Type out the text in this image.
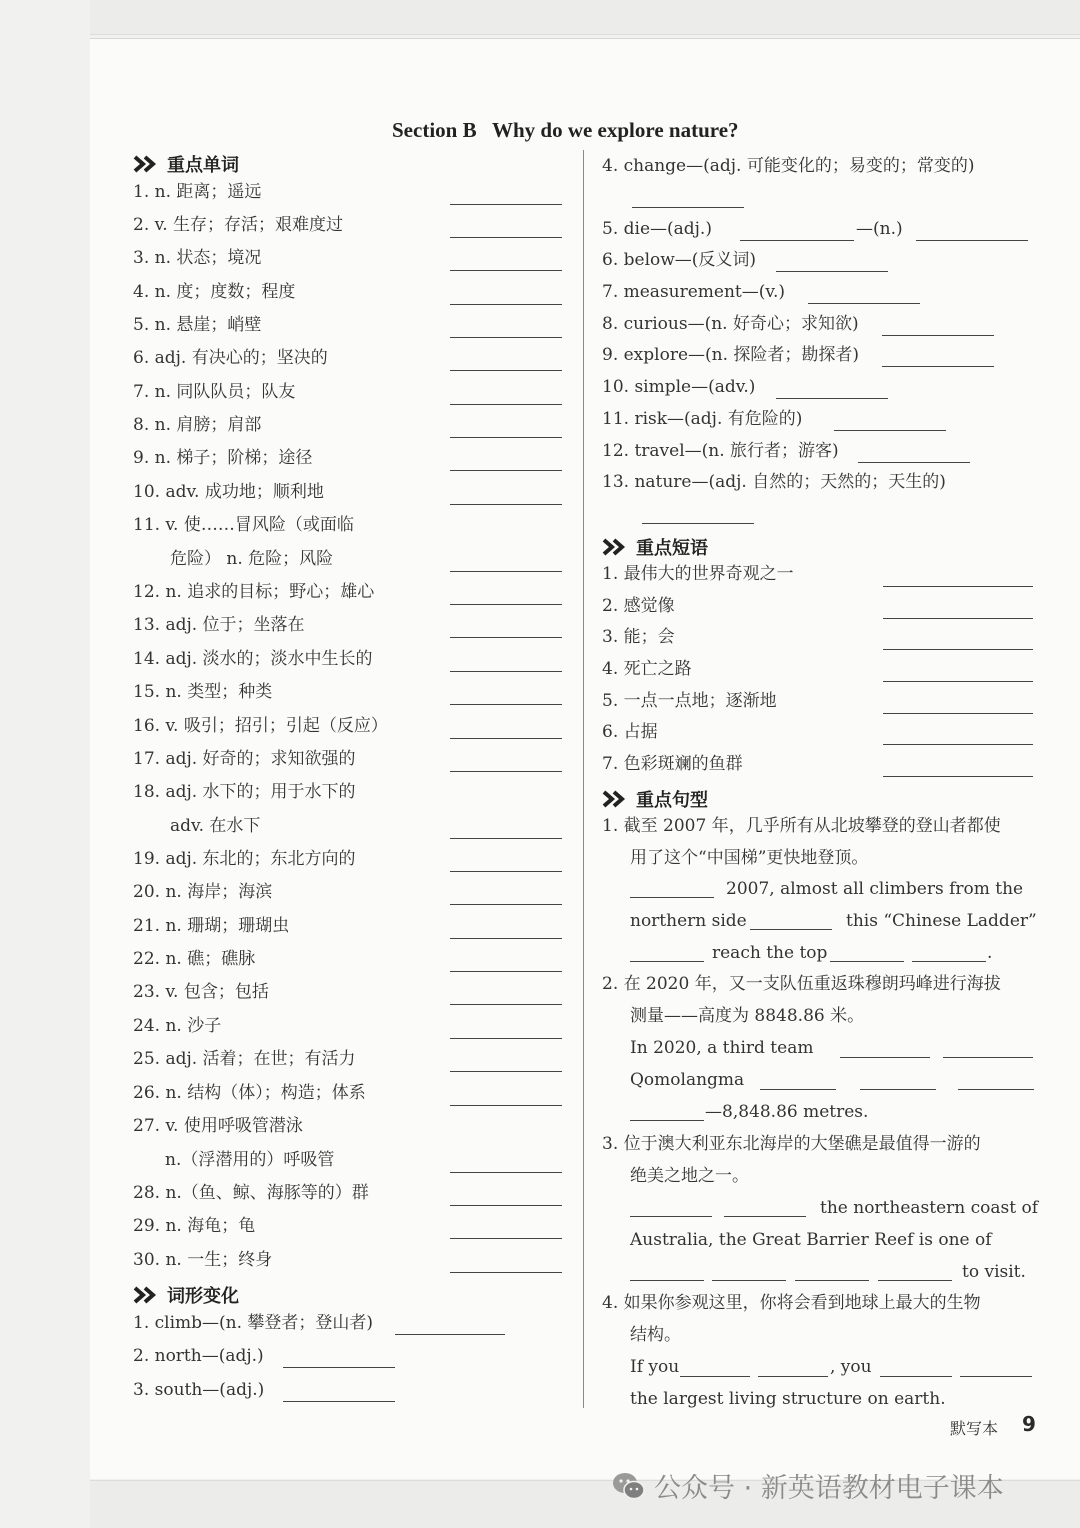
Section B   Why do we explore nature?
重点单词
1. n. 距离；遥远
2. v. 生存；存活；艰难度过
3. n. 状态；境况
4. n. 度；度数；程度
5. n. 悬崖；峭壁
6. adj. 有决心的；坚决的
7. n. 同队队员；队友
8. n. 肩膀；肩部
9. n. 梯子；阶梯；途径
10. adv. 成功地；顺利地
11. v. 使……冒风险（或面临
危险） n. 危险；风险
12. n. 追求的目标；野心；雄心
13. adj. 位于；坐落在
14. adj. 淡水的；淡水中生长的
15. n. 类型；种类
16. v. 吸引；招引；引起（反应）
17. adj. 好奇的；求知欲强的
18. adj. 水下的；用于水下的
adv. 在水下
19. adj. 东北的；东北方向的
20. n. 海岸；海滨
21. n. 珊瑚；珊瑚虫
22. n. 礁；礁脉
23. v. 包含；包括
24. n. 沙子
25. adj. 活着；在世；有活力
26. n. 结构（体）；构造；体系
27. v. 使用呼吸管潜泳
n.（浮潜用的）呼吸管
28. n.（鱼、鲸、海豚等的）群
29. n. 海龟；龟
30. n. 一生；终身
词形变化
1. climb—(n. 攀登者；登山者)
2. north—(adj.)
3. south—(adj.)
4. change—(adj. 可能变化的；易变的；常变的)
5. die—(adj.)	—(n.)
6. below—(反义词)
7. measurement—(v.)
8. curious—(n. 好奇心；求知欲)
9. explore—(n. 探险者；勘探者)
10. simple—(adv.)
11. risk—(adj. 有危险的)
12. travel—(n. 旅行者；游客)
13. nature—(adj. 自然的；天然的；天生的)
重点短语
1. 最伟大的世界奇观之一
2. 感觉像
3. 能；会
4. 死亡之路
5. 一点一点地；逐渐地
6. 占据
7. 色彩斑斓的鱼群
重点句型
1. 截至 2007 年，几乎所有从北坡攀登的登山者都使
用了这个“中国梯”更快地登顶。
2007, almost all climbers from the
northern side	this “Chinese Ladder”
reach the top	.
2. 在 2020 年，又一支队伍重返珠穆朗玛峰进行海拔
测量——高度为 8848.86 米。
In 2020, a third team
Qomolangma
—8,848.86 metres.
3. 位于澳大利亚东北海岸的大堡礁是最值得一游的
绝美之地之一。
the northeastern coast of
Australia, the Great Barrier Reef is one of
to visit.
4. 如果你参观这里，你将会看到地球上最大的生物
结构。
If you	, you
the largest living structure on earth.
默写本 9
公众号 · 新英语教材电子课本
